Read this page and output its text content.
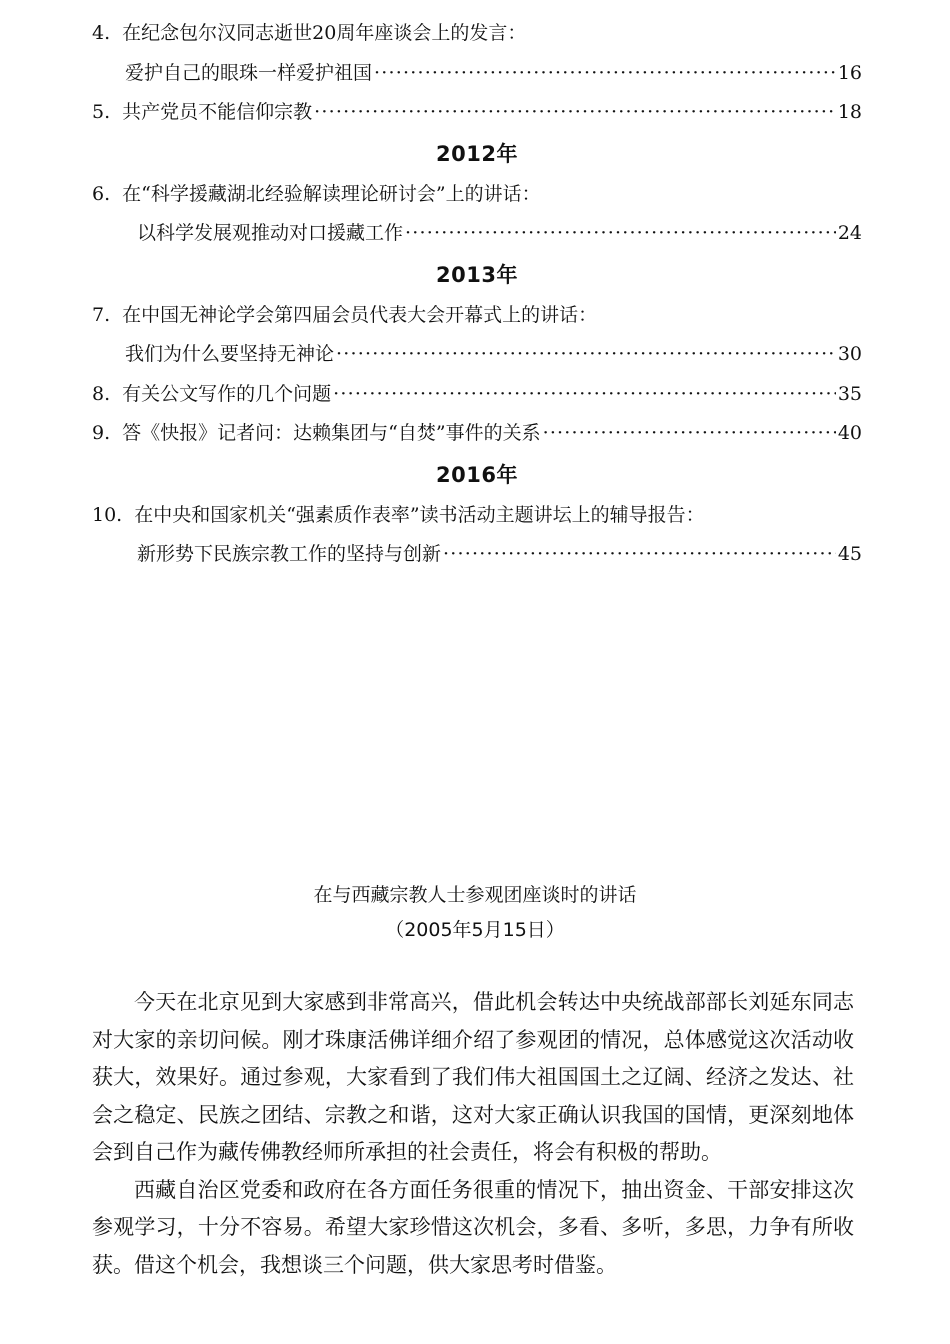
4. 在纪念包尔汉同志逝世20周年座谈会上的发言：
爱护自己的眼珠一样爱护祖国 ·····	16
5. 共产党员不能信仰宗教 ·····	18
2012年
6. 在“科学援藏湖北经验解读理论研讨会”上的讲话：
以科学发展观推动对口援藏工作 ·····	24
2013年
7. 在中国无神论学会第四届会员代表大会开幕式上的讲话：
我们为什么要坚持无神论 ·····	30
8. 有关公文写作的几个问题 ·····	35
9. 答《快报》记者问：达赖集团与“自焚”事件的关系 ·····	40
2016年
10. 在中央和国家机关“强素质作表率”读书活动主题讲坛上的辅导报告：
新形势下民族宗教工作的坚持与创新 ·····	45
在与西藏宗教人士参观团座谈时的讲话
（2005年5月15日）

今天在北京见到大家感到非常高兴，借此机会转达中央统战部部长刘延东同志对大家的亲切问候。刚才珠康活佛详细介绍了参观团的情况，总体感觉这次活动收获大，效果好。通过参观，大家看到了我们伟大祖国国土之辽阔、经济之发达、社会之稳定、民族之团结、宗教之和谐，这对大家正确认识我国的国情，更深刻地体会到自己作为藏传佛教经师所承担的社会责任，将会有积极的帮助。

西藏自治区党委和政府在各方面任务很重的情况下，抽出资金、干部安排这次参观学习，十分不容易。希望大家珍惜这次机会，多看、多听，多思，力争有所收获。借这个机会，我想谈三个问题，供大家思考时借鉴。
